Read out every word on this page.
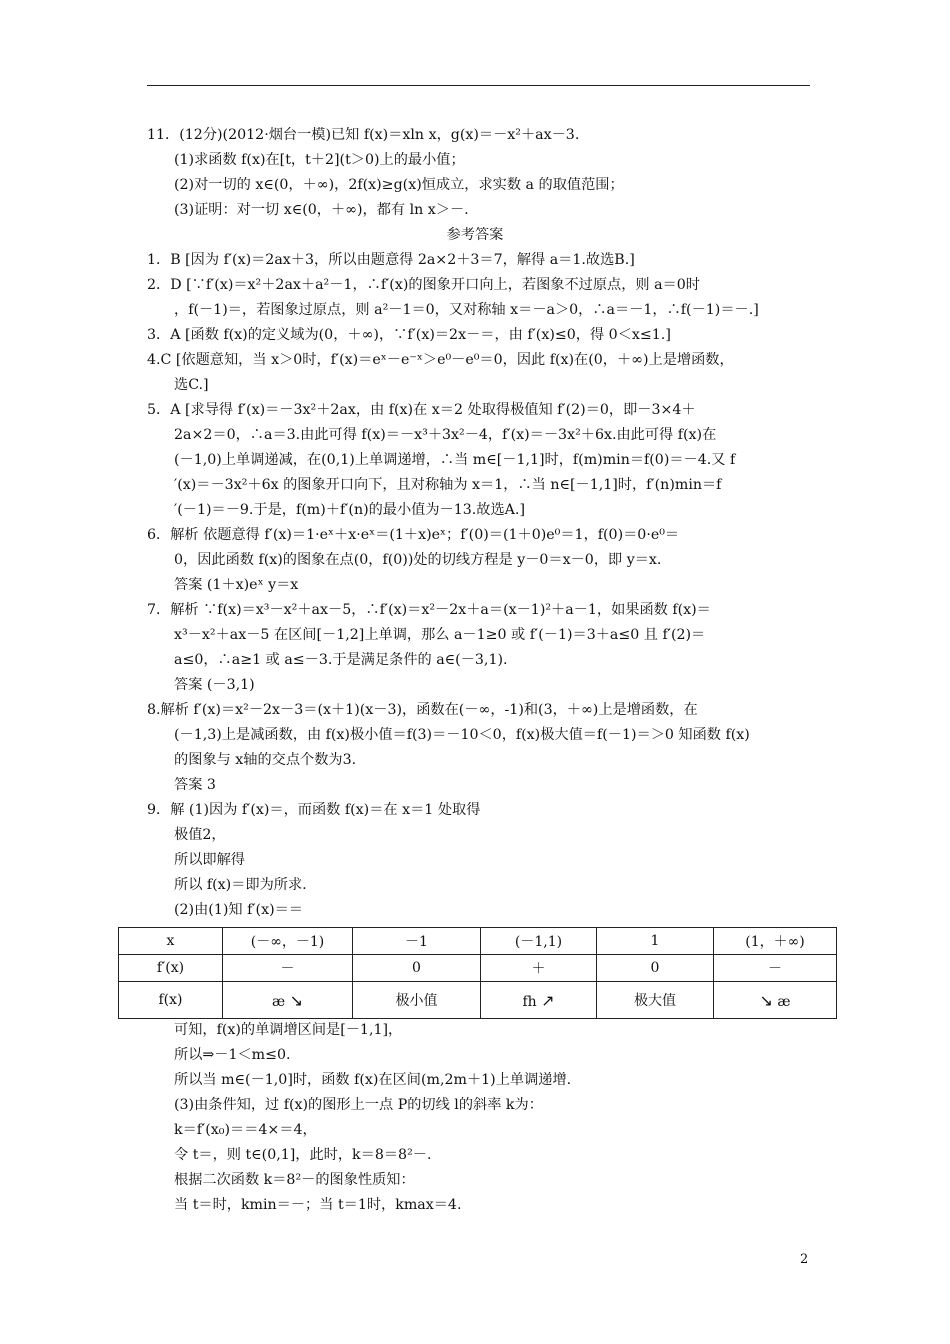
11．(12分)(2012·烟台一模)已知 f(x)＝xln x，g(x)＝－x²＋ax－3.
(1)求函数 f(x)在[t，t＋2](t＞0)上的最小值；
(2)对一切的 x∈(0，＋∞)，2f(x)≥g(x)恒成立，求实数 a 的取值范围；
(3)证明：对一切 x∈(0，＋∞)，都有 ln x＞－.
参考答案
1．B [因为 f′(x)＝2ax＋3，所以由题意得 2a×2＋3＝7，解得 a＝1.故选B.]
2．D [∵f′(x)＝x²＋2ax＋a²－1，∴f′(x)的图象开口向上，若图象不过原点，则 a＝0时
，f(－1)＝，若图象过原点，则 a²－1＝0，又对称轴 x＝－a＞0，∴a＝－1，∴f(－1)＝－.]
3．A [函数 f(x)的定义域为(0，＋∞)，∵f′(x)＝2x－＝，由 f′(x)≤0，得 0＜x≤1.]
4.C [依题意知，当 x＞0时，f′(x)＝eˣ－e⁻ˣ＞e⁰－e⁰＝0，因此 f(x)在(0，＋∞)上是增函数，
选C.]
5．A [求导得 f′(x)＝－3x²＋2ax，由 f(x)在 x＝2 处取得极值知 f′(2)＝0，即－3×4＋
2a×2＝0，∴a＝3.由此可得 f(x)＝－x³＋3x²－4，f′(x)＝－3x²＋6x.由此可得 f(x)在
(－1,0)上单调递减，在(0,1)上单调递增，∴当 m∈[－1,1]时，f(m)min＝f(0)＝－4.又 f
′(x)＝－3x²＋6x 的图象开口向下，且对称轴为 x＝1，∴当 n∈[－1,1]时，f′(n)min＝f
′(－1)＝－9.于是，f(m)＋f′(n)的最小值为－13.故选A.]
6．解析 依题意得 f′(x)＝1·eˣ＋x·eˣ＝(1＋x)eˣ；f′(0)＝(1＋0)e⁰＝1，f(0)＝0·e⁰＝
0，因此函数 f(x)的图象在点(0，f(0))处的切线方程是 y－0＝x－0，即 y＝x.
答案 (1＋x)eˣ y＝x
7．解析 ∵f(x)＝x³－x²＋ax－5，∴f′(x)＝x²－2x＋a＝(x－1)²＋a－1，如果函数 f(x)＝
x³－x²＋ax－5 在区间[－1,2]上单调，那么 a－1≥0 或 f′(－1)＝3＋a≤0 且 f′(2)＝
a≤0，∴a≥1 或 a≤－3.于是满足条件的 a∈(－3,1).
答案 (－3,1)
8.解析 f′(x)＝x²－2x－3＝(x＋1)(x－3)，函数在(－∞，-1)和(3，＋∞)上是增函数，在
(－1,3)上是减函数，由 f(x)极小值＝f(3)＝－10＜0，f(x)极大值＝f(－1)＝＞0 知函数 f(x)
的图象与 x轴的交点个数为3.
答案 3
9．解 (1)因为 f′(x)＝，而函数 f(x)＝在 x＝1 处取得
极值2，
所以即解得
所以 f(x)＝即为所求.
(2)由(1)知 f′(x)＝＝
可知，f(x)的单调增区间是[－1,1]，
所以⇒－1＜m≤0.
所以当 m∈(－1,0]时，函数 f(x)在区间(m,2m＋1)上单调递增.
(3)由条件知，过 f(x)的图形上一点 P的切线 l的斜率 k为：
k＝f′(x₀)＝＝4×＝4，
令 t＝，则 t∈(0,1]，此时，k＝8＝8²－.
根据二次函数 k＝8²－的图象性质知：
当 t＝时，kmin＝－；当 t＝1时，kmax＝4.
x	(－∞，－1)	－1	(－1,1)	1	(1，＋∞)
f′(x)	－	0	＋	0	－
f(x)	æ ↘	极小值	fh ↗	极大值	↘ æ
2
